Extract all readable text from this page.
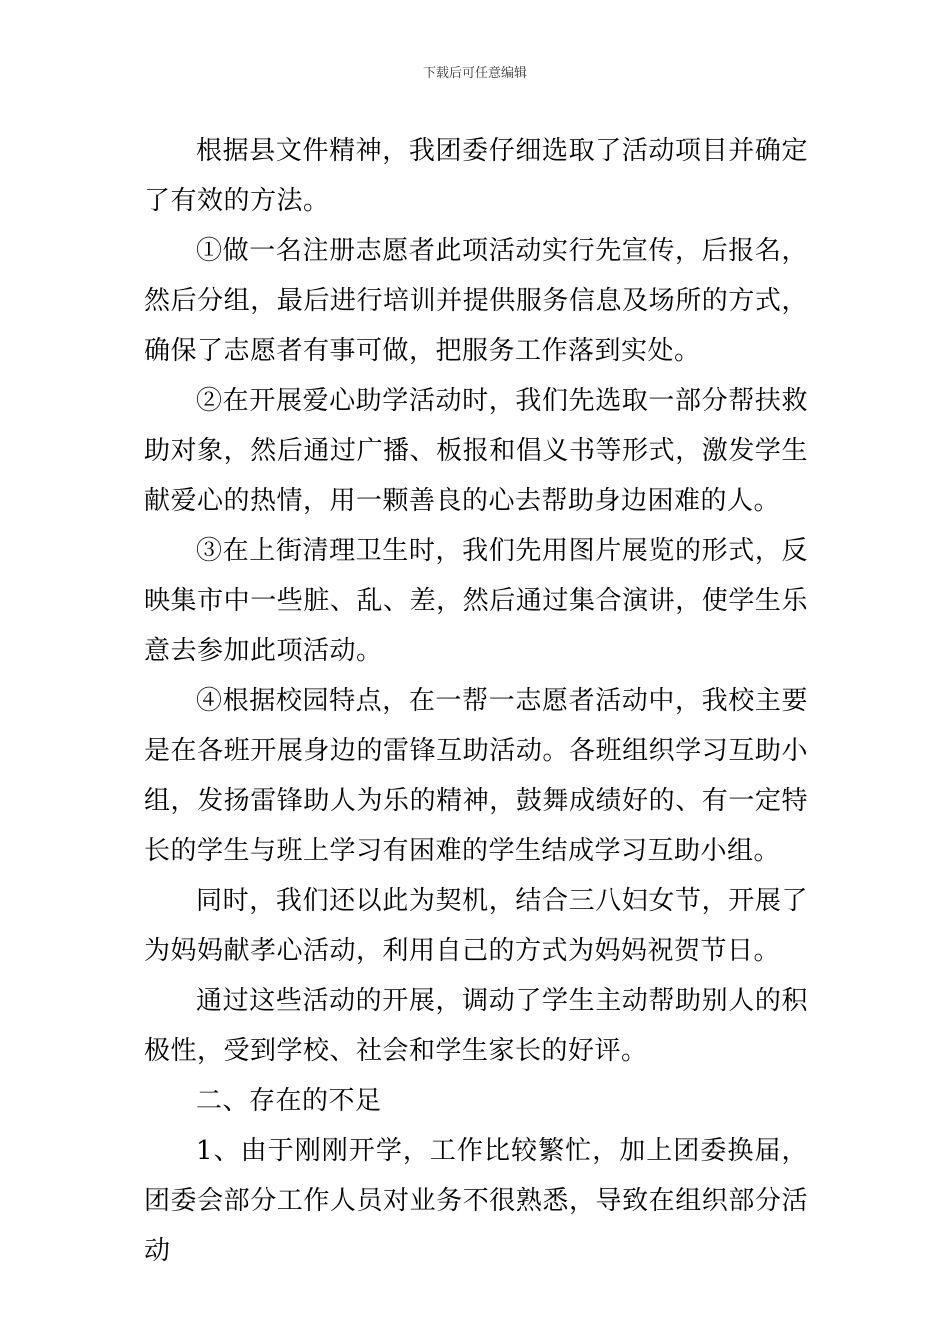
下载后可任意编辑

根据县文件精神，我团委仔细选取了活动项目并确定了有效的方法。

①做一名注册志愿者此项活动实行先宣传，后报名，然后分组，最后进行培训并提供服务信息及场所的方式，确保了志愿者有事可做，把服务工作落到实处。

②在开展爱心助学活动时，我们先选取一部分帮扶救助对象，然后通过广播、板报和倡义书等形式，激发学生献爱心的热情，用一颗善良的心去帮助身边困难的人。

③在上街清理卫生时，我们先用图片展览的形式，反映集市中一些脏、乱、差，然后通过集合演讲，使学生乐意去参加此项活动。

④根据校园特点，在一帮一志愿者活动中，我校主要是在各班开展身边的雷锋互助活动。各班组织学习互助小组，发扬雷锋助人为乐的精神，鼓舞成绩好的、有一定特长的学生与班上学习有困难的学生结成学习互助小组。

同时，我们还以此为契机，结合三八妇女节，开展了为妈妈献孝心活动，利用自己的方式为妈妈祝贺节日。

通过这些活动的开展，调动了学生主动帮助别人的积极性，受到学校、社会和学生家长的好评。

二、存在的不足

1、由于刚刚开学，工作比较繁忙，加上团委换届，团委会部分工作人员对业务不很熟悉，导致在组织部分活动
